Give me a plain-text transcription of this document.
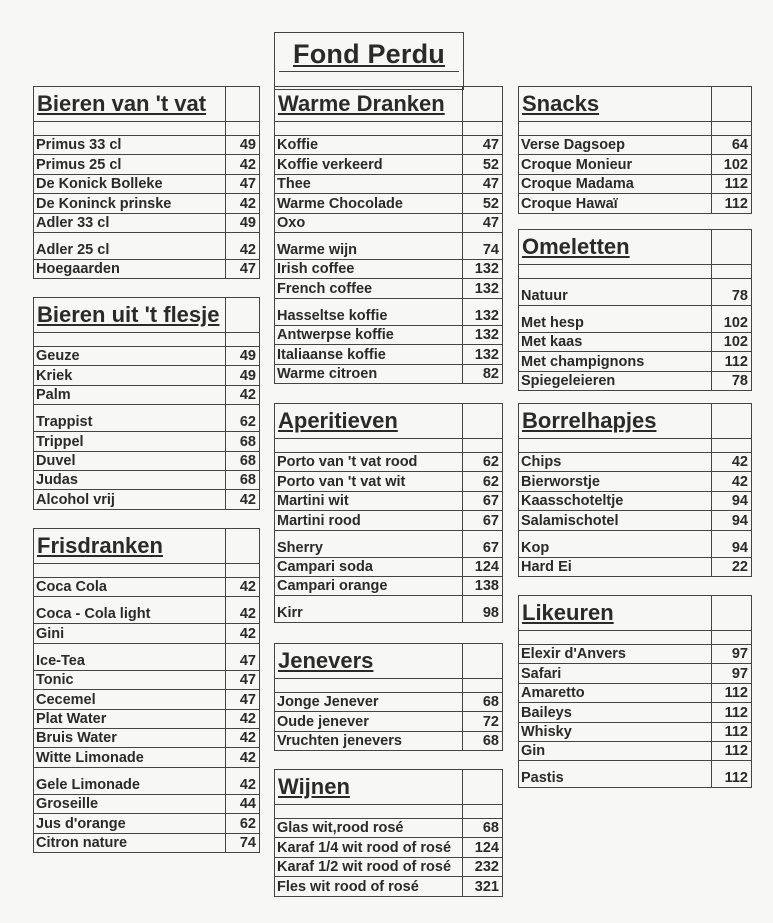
Fond Perdu
Bieren van 't vat
Primus 33 cl	49
Primus 25 cl	42
De Konick Bolleke	47
De Koninck prinske	42
Adler 33 cl	49
Adler 25 cl	42
Hoegaarden	47
Bieren uit 't flesje
Geuze	49
Kriek	49
Palm	42
Trappist	62
Trippel	68
Duvel	68
Judas	68
Alcohol vrij	42
Frisdranken
Coca Cola	42
Coca - Cola light	42
Gini	42
Ice-Tea	47
Tonic	47
Cecemel	47
Plat Water	42
Bruis Water	42
Witte Limonade	42
Gele Limonade	42
Groseille	44
Jus d'orange	62
Citron nature	74
Warme Dranken
Koffie	47
Koffie verkeerd	52
Thee	47
Warme Chocolade	52
Oxo	47
Warme wijn	74
Irish coffee	132
French coffee	132
Hasseltse koffie	132
Antwerpse koffie	132
Italiaanse koffie	132
Warme citroen	82
Aperitieven
Porto van 't vat rood	62
Porto van 't vat wit	62
Martini wit	67
Martini rood	67
Sherry	67
Campari soda	124
Campari orange	138
Kirr	98
Jenevers
Jonge Jenever	68
Oude jenever	72
Vruchten jenevers	68
Wijnen
Glas wit,rood rosé	68
Karaf 1/4 wit rood of rosé	124
Karaf 1/2 wit rood of rosé	232
Fles wit rood of rosé	321
Snacks
Verse Dagsoep	64
Croque Monieur	102
Croque Madama	112
Croque Hawaï	112
Omeletten
Natuur	78
Met hesp	102
Met kaas	102
Met champignons	112
Spiegeleieren	78
Borrelhapjes
Chips	42
Bierworstje	42
Kaasschoteltje	94
Salamischotel	94
Kop	94
Hard Ei	22
Likeuren
Elexir d'Anvers	97
Safari	97
Amaretto	112
Baileys	112
Whisky	112
Gin	112
Pastis	112
